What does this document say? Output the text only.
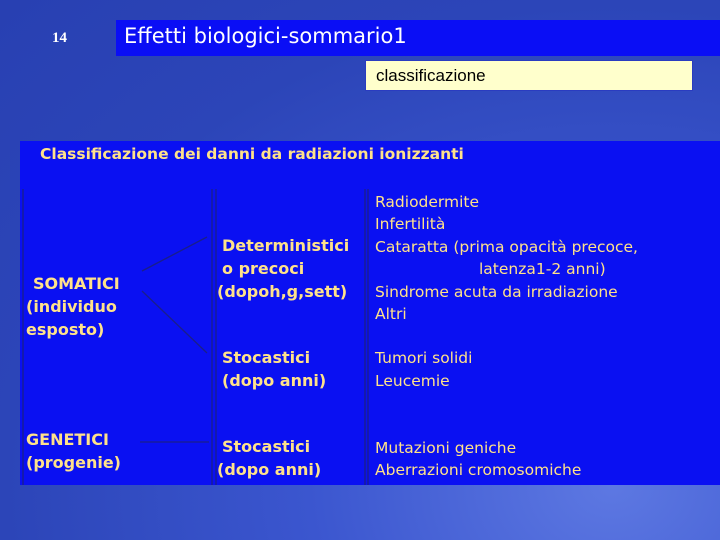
14	Effetti biologici-sommario1
classificazione
Classificazione dei danni da radiazioni ionizzanti
SOMATICI
(individuo
esposto)
GENETICI
(progenie)
Deterministici
o precoci
(dopoh,g,sett)
Stocastici
(dopo anni)
Stocastici
(dopo anni)
Radiodermite
Infertilità
Cataratta (prima opacità precoce,
latenza1-2 anni)
Sindrome acuta da irradiazione
Altri
Tumori solidi
Leucemie
Mutazioni geniche
Aberrazioni cromosomiche
